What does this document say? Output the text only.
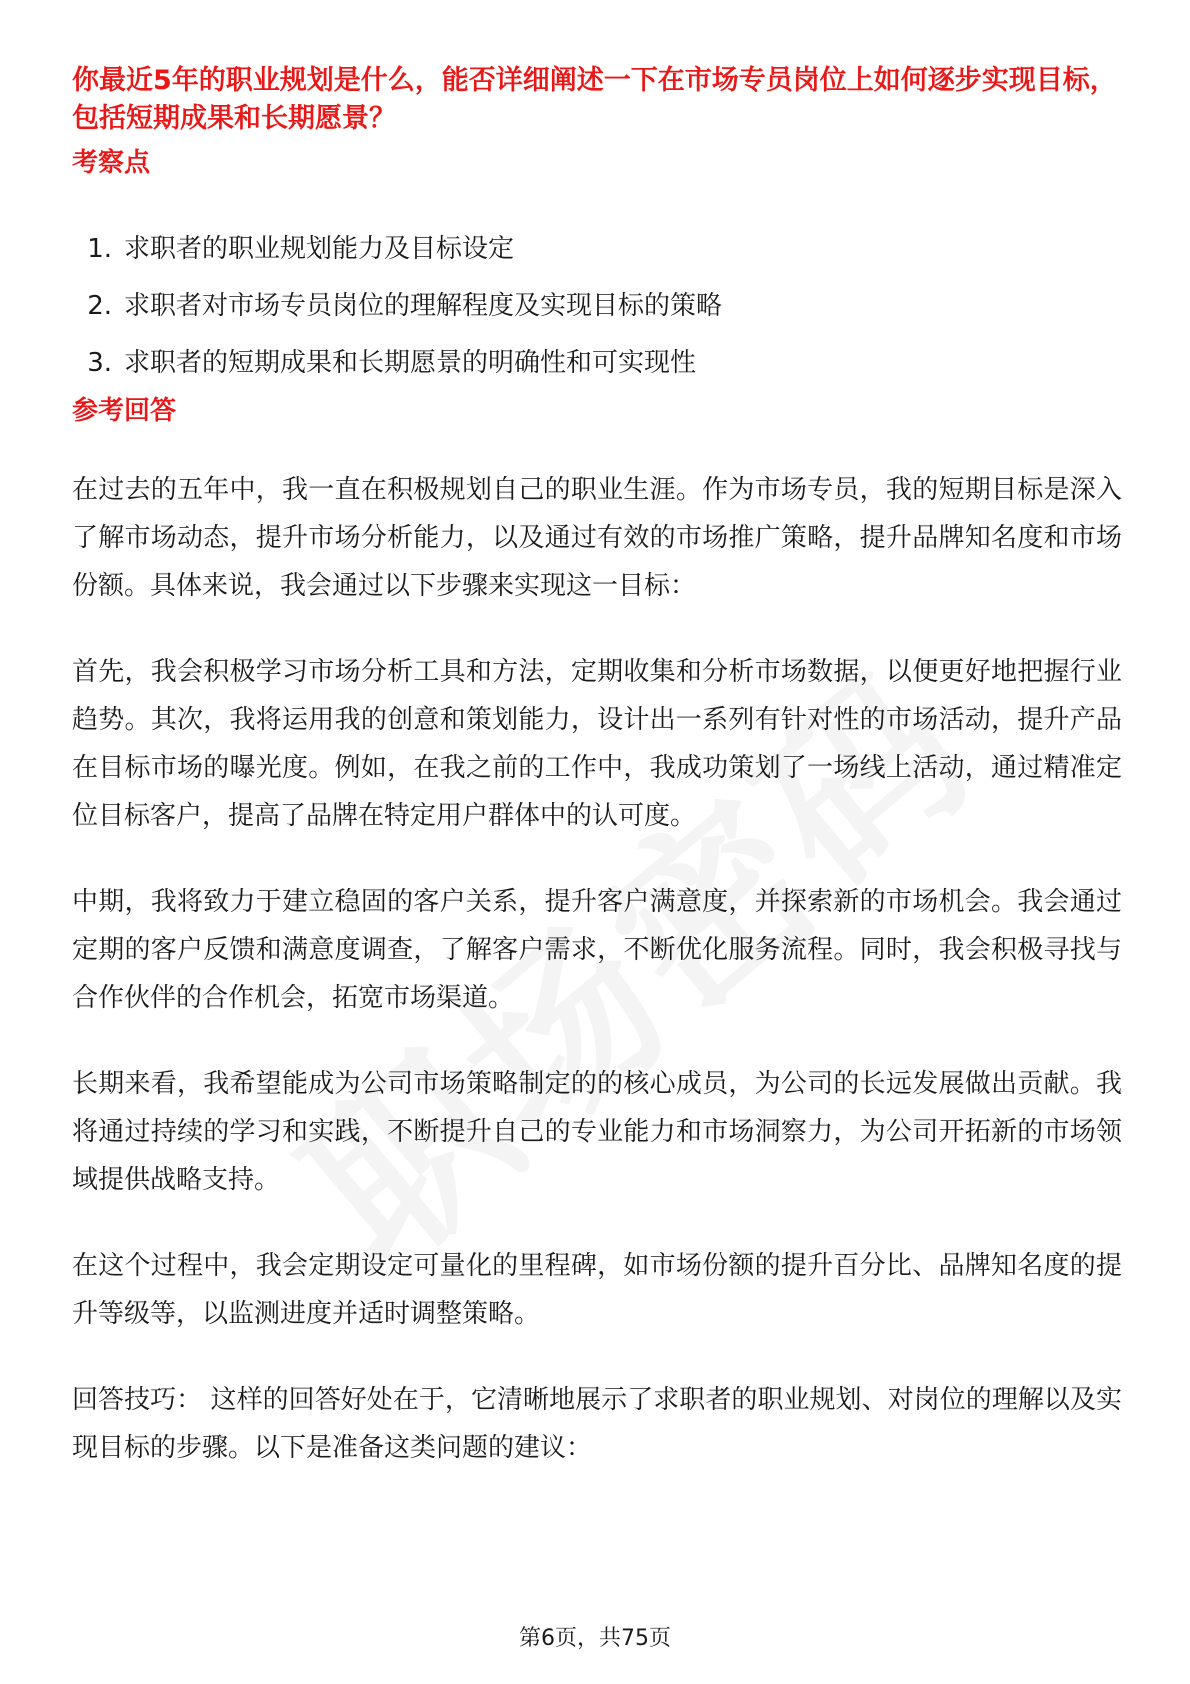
你最近5年的职业规划是什么，能否详细阐述一下在市场专员岗位上如何逐步实现目标，包括短期成果和长期愿景？
考察点
1. 求职者的职业规划能力及目标设定
2. 求职者对市场专员岗位的理解程度及实现目标的策略
3. 求职者的短期成果和长期愿景的明确性和可实现性
参考回答

在过去的五年中，我一直在积极规划自己的职业生涯。作为市场专员，我的短期目标是深入了解市场动态，提升市场分析能力，以及通过有效的市场推广策略，提升品牌知名度和市场份额。具体来说，我会通过以下步骤来实现这一目标：

首先，我会积极学习市场分析工具和方法，定期收集和分析市场数据，以便更好地把握行业趋势。其次，我将运用我的创意和策划能力，设计出一系列有针对性的市场活动，提升产品在目标市场的曝光度。例如，在我之前的工作中，我成功策划了一场线上活动，通过精准定位目标客户，提高了品牌在特定用户群体中的认可度。

中期，我将致力于建立稳固的客户关系，提升客户满意度，并探索新的市场机会。我会通过定期的客户反馈和满意度调查，了解客户需求，不断优化服务流程。同时，我会积极寻找与合作伙伴的合作机会，拓宽市场渠道。

长期来看，我希望能成为公司市场策略制定的的核心成员，为公司的长远发展做出贡献。我将通过持续的学习和实践，不断提升自己的专业能力和市场洞察力，为公司开拓新的市场领域提供战略支持。

在这个过程中，我会定期设定可量化的里程碑，如市场份额的提升百分比、品牌知名度的提升等级等，以监测进度并适时调整策略。

回答技巧： 这样的回答好处在于，它清晰地展示了求职者的职业规划、对岗位的理解以及实现目标的步骤。以下是准备这类问题的建议：

第6页，共75页
